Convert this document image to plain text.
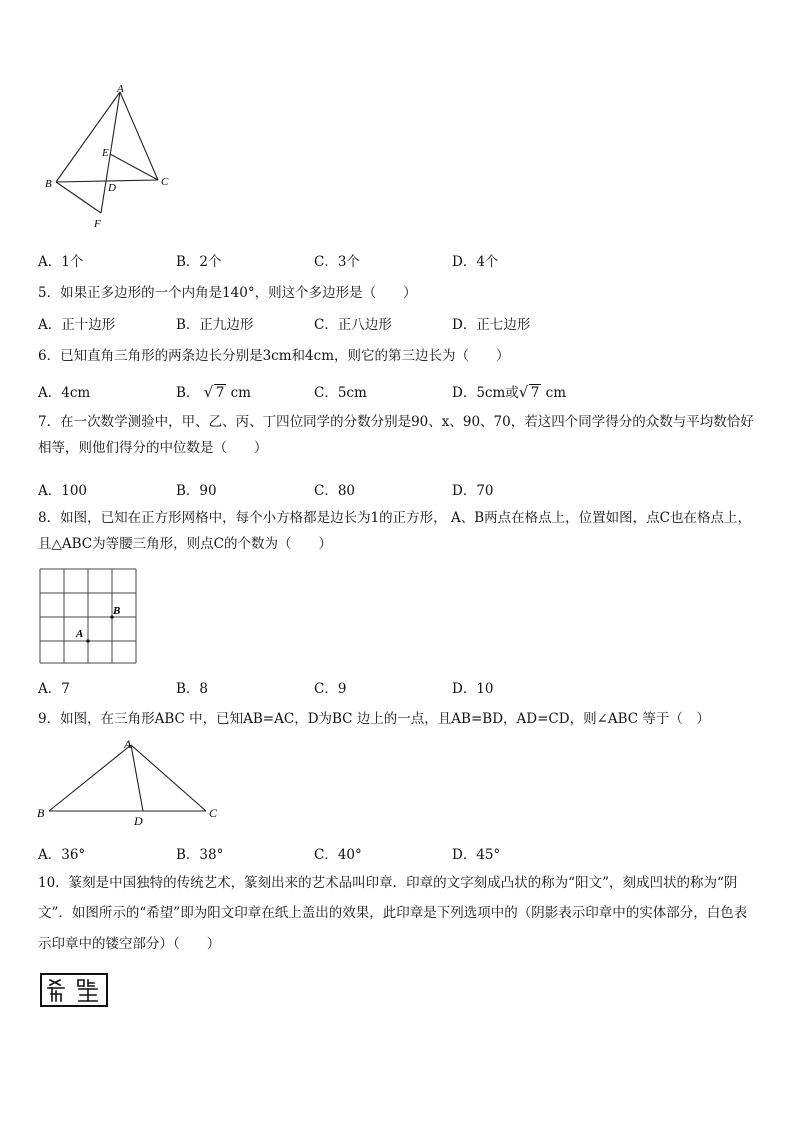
A
B	C
D
E
F
A．1个	B．2个	C．3个	D．4个
5．如果正多边形的一个内角是140°，则这个多边形是（　　）
A．正十边形	B．正九边形	C．正八边形	D．正七边形
6．已知直角三角形的两条边长分别是3cm和4cm，则它的第三边长为（　　）
A．4cm	B． √ 7 cm	C．5cm	D．5cm或 √ 7 cm
7．在一次数学测验中，甲、乙、丙、丁四位同学的分数分别是90、x、90、70，若这四个同学得分的众数与平均数恰好相等，则他们得分的中位数是（　　）
A．100	B．90	C．80	D．70
8．如图，已知在正方形网格中，每个小方格都是边长为1的正方形， A、B两点在格点上，位置如图，点C也在格点上，且△ABC为等腰三角形，则点C的个数为（　　）
A
B
A．7	B．8	C．9	D．10
9．如图，在三角形ABC 中，已知AB=AC，D为BC 边上的一点，且AB=BD，AD=CD，则∠ABC 等于（　）
A
B	C
D
A．36°	B．38°	C．40°	D．45°
10．篆刻是中国独特的传统艺术，篆刻出来的艺术品叫印章．印章的文字刻成凸状的称为“阳文”，刻成凹状的称为“阴文”．如图所示的“希望”即为阳文印章在纸上盖出的效果，此印章是下列选项中的（阴影表示印章中的实体部分，白色表示印章中的镂空部分）（　　）
